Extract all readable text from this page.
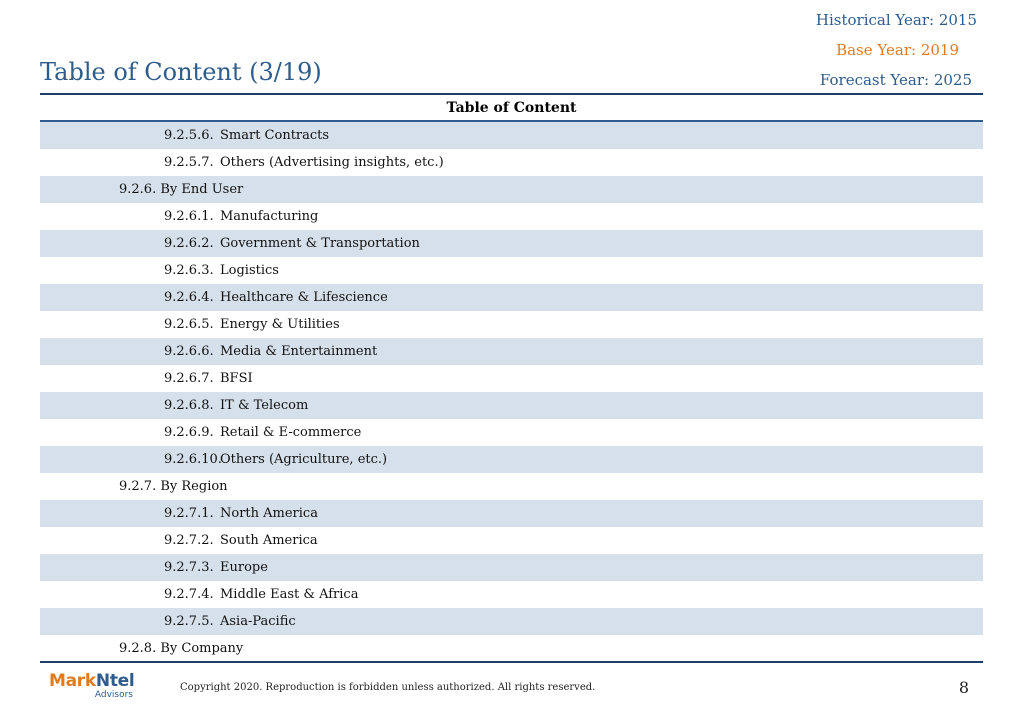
Table of Content (3/19)
Historical Year: 2015
Base Year: 2019
Forecast Year: 2025
Table of Content
9.2.5.6. Smart Contracts
9.2.5.7. Others (Advertising insights, etc.)
9.2.6. By End User
9.2.6.1. Manufacturing
9.2.6.2. Government & Transportation
9.2.6.3. Logistics
9.2.6.4. Healthcare & Lifescience
9.2.6.5. Energy & Utilities
9.2.6.6. Media & Entertainment
9.2.6.7. BFSI
9.2.6.8. IT & Telecom
9.2.6.9. Retail & E-commerce
9.2.6.10.Others (Agriculture, etc.)
9.2.7. By Region
9.2.7.1. North America
9.2.7.2. South America
9.2.7.3. Europe
9.2.7.4. Middle East & Africa
9.2.7.5. Asia-Pacific
9.2.8. By Company
MarkNtel
Advisors
Copyright 2020. Reproduction is forbidden unless authorized. All rights reserved.	8
